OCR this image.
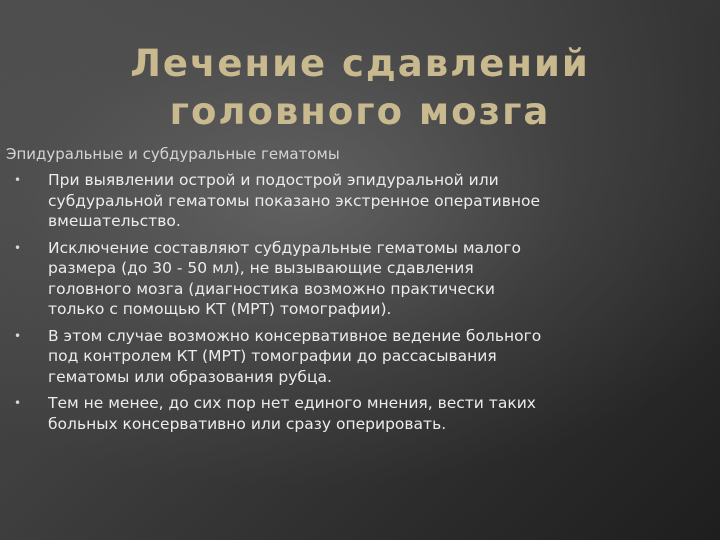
Лечение сдавлений
головного мозга

Эпидуральные и субдуральные гематомы

• При выявлении острой и подострой эпидуральной или
субдуральной гематомы показано экстренное оперативное
вмешательство.
• Исключение составляют субдуральные гематомы малого
размера (до 30 - 50 мл), не вызывающие сдавления
головного мозга (диагностика возможно практически
только с помощью КТ (МРТ) томографии).
• В этом случае возможно консервативное ведение больного
под контролем КТ (МРТ) томографии до рассасывания
гематомы или образования рубца.
• Тем не менее, до сих пор нет единого мнения, вести таких
больных консервативно или сразу оперировать.
